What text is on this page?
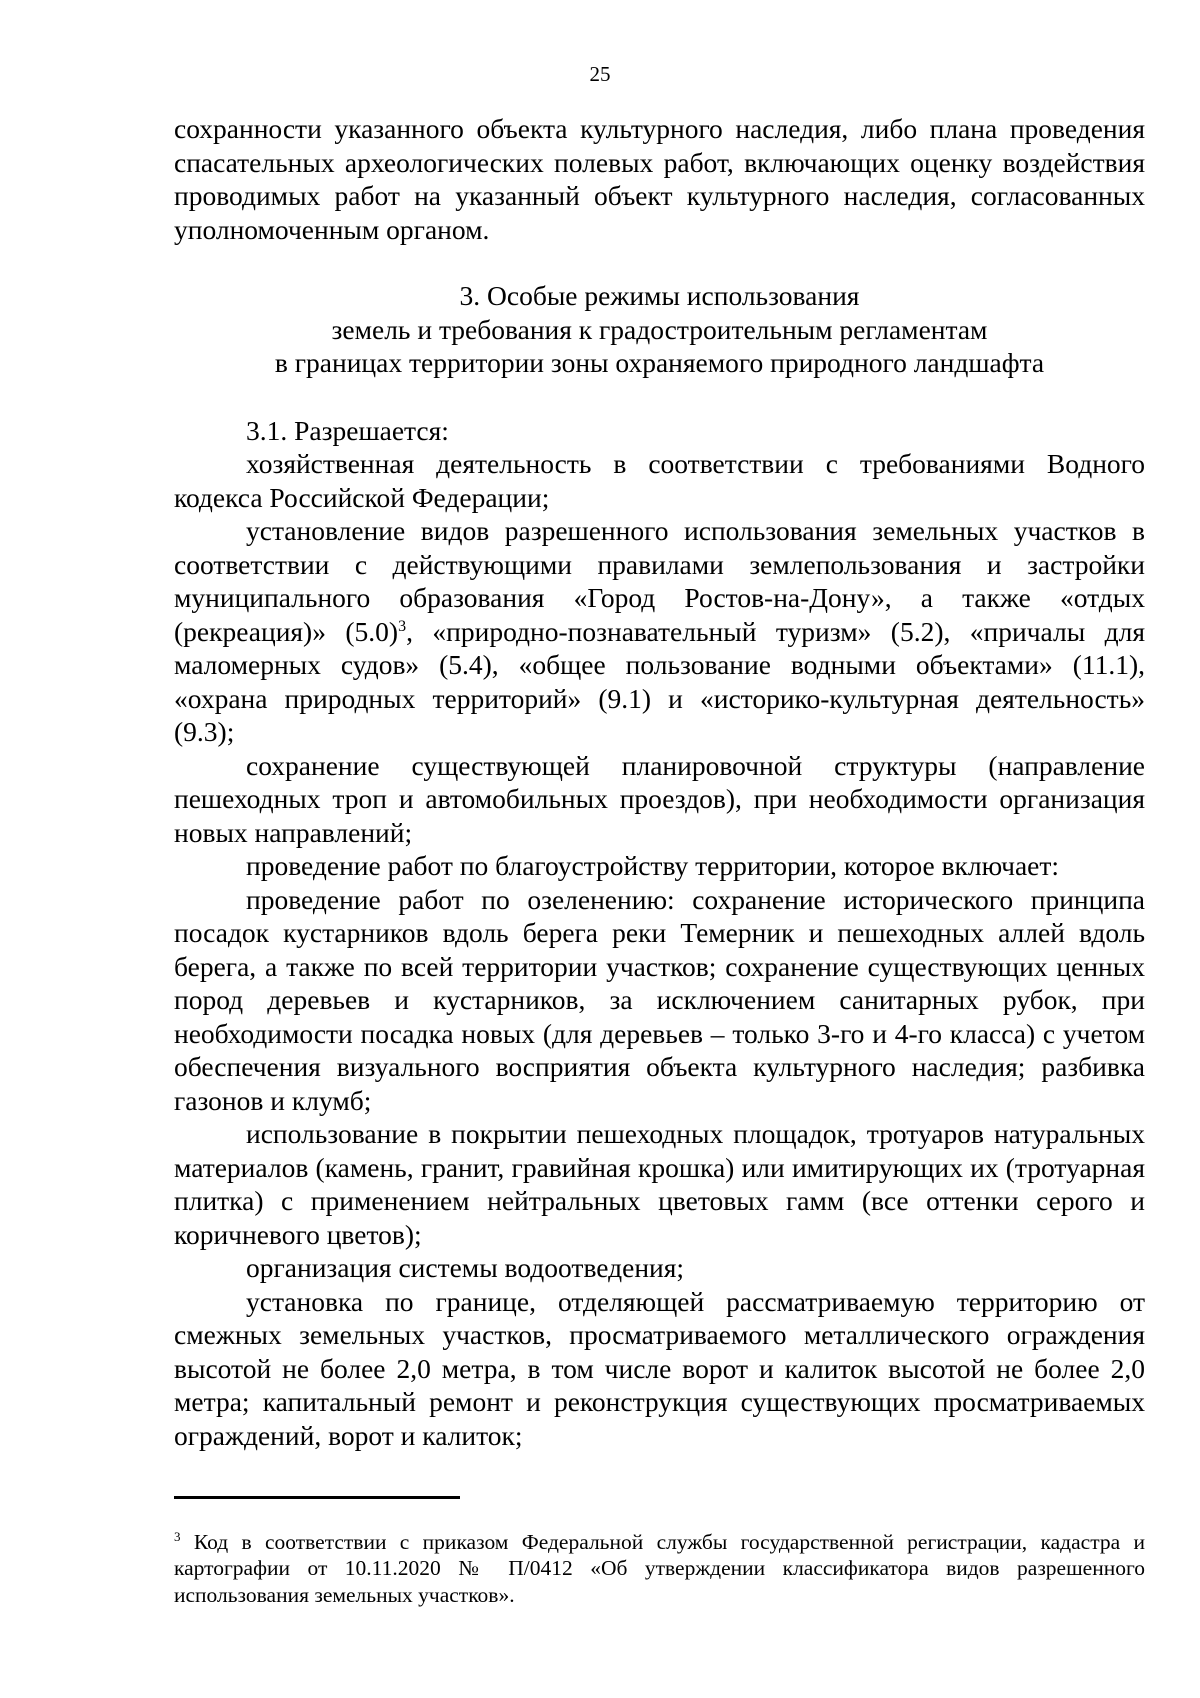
25

сохранности указанного объекта культурного наследия, либо плана проведения спасательных археологических полевых работ, включающих оценку воздействия проводимых работ на указанный объект культурного наследия, согласованных уполномоченным органом.

3. Особые режимы использования
земель и требования к градостроительным регламентам
в границах территории зоны охраняемого природного ландшафта

3.1. Разрешается:

хозяйственная деятельность в соответствии с требованиями Водного кодекса Российской Федерации;

установление видов разрешенного использования земельных участков в соответствии с действующими правилами землепользования и застройки муниципального образования «Город Ростов-на-Дону», а также «отдых (рекреация)» $(5.0)^3$, «природно-познавательный туризм» (5.2), «причалы для маломерных судов» (5.4), «общее пользование водными объектами» (11.1), «охрана природных территорий» (9.1) и «историко-культурная деятельность» (9.3);

сохранение существующей планировочной структуры (направление пешеходных троп и автомобильных проездов), при необходимости организация новых направлений;

проведение работ по благоустройству территории, которое включает:

проведение работ по озеленению: сохранение исторического принципа посадок кустарников вдоль берега реки Темерник и пешеходных аллей вдоль берега, а также по всей территории участков; сохранение существующих ценных пород деревьев и кустарников, за исключением санитарных рубок, при необходимости посадка новых (для деревьев – только 3-го и 4-го класса) с учетом обеспечения визуального восприятия объекта культурного наследия; разбивка газонов и клумб;

использование в покрытии пешеходных площадок, тротуаров натуральных материалов (камень, гранит, гравийная крошка) или имитирующих их (тротуарная плитка) с применением нейтральных цветовых гамм (все оттенки серого и коричневого цветов);

организация системы водоотведения;

установка по границе, отделяющей рассматриваемую территорию от смежных земельных участков, просматриваемого металлического ограждения высотой не более 2,0 метра, в том числе ворот и калиток высотой не более 2,0 метра; капитальный ремонт и реконструкция существующих просматриваемых ограждений, ворот и калиток;

$^3$ Код в соответствии с приказом Федеральной службы государственной регистрации, кадастра и картографии от 10.11.2020 № П/0412 «Об утверждении классификатора видов разрешенного использования земельных участков».
